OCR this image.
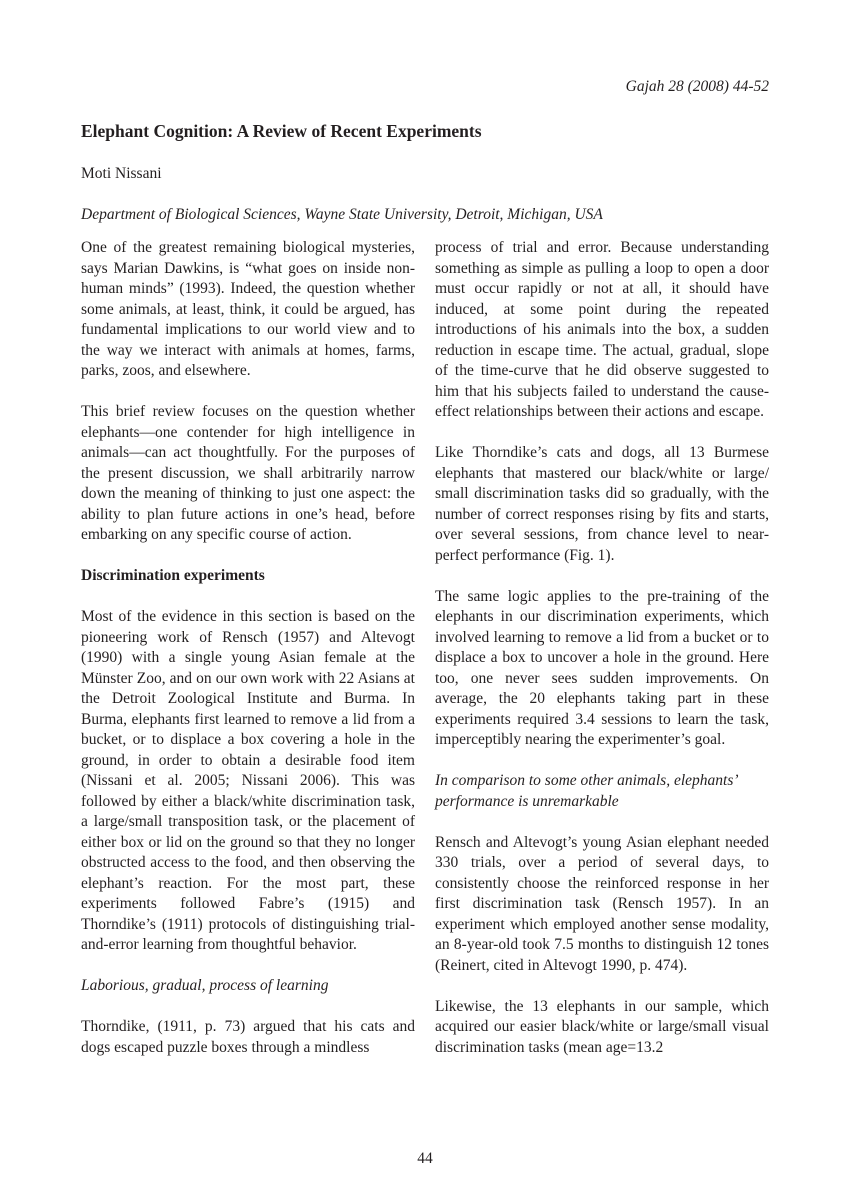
Gajah 28 (2008) 44-52
Elephant Cognition: A Review of Recent Experiments
Moti Nissani
Department of Biological Sciences, Wayne State University, Detroit, Michigan, USA

One of the greatest remaining biological mysteries, says Marian Dawkins, is “what goes on inside non-human minds” (1993). Indeed, the question whether some animals, at least, think, it could be argued, has fundamental implications to our world view and to the way we interact with animals at homes, farms, parks, zoos, and elsewhere.

This brief review focuses on the question whether elephants—one contender for high intelligence in animals—can act thoughtfully. For the purposes of the present discussion, we shall arbitrarily narrow down the meaning of thinking to just one aspect: the ability to plan future actions in one’s head, before embarking on any specific course of action.

Discrimination experiments

Most of the evidence in this section is based on the pioneering work of Rensch (1957) and Altevogt (1990) with a single young Asian female at the Münster Zoo, and on our own work with 22 Asians at the Detroit Zoological Institute and Burma. In Burma, elephants first learned to remove a lid from a bucket, or to displace a box covering a hole in the ground, in order to obtain a desirable food item (Nissani et al. 2005; Nissani 2006). This was followed by either a black/white discrimination task, a large/small transposition task, or the placement of either box or lid on the ground so that they no longer obstructed access to the food, and then observing the elephant’s reaction. For the most part, these experiments followed Fabre’s (1915) and Thorndike’s (1911) protocols of distinguishing trial-and-error learning from thoughtful behavior.

Laborious, gradual, process of learning

Thorndike, (1911, p. 73) argued that his cats and dogs escaped puzzle boxes through a mindless

process of trial and error. Because understanding something as simple as pulling a loop to open a door must occur rapidly or not at all, it should have induced, at some point during the repeated introductions of his animals into the box, a sudden reduction in escape time. The actual, gradual, slope of the time-curve that he did observe suggested to him that his subjects failed to understand the cause-effect relationships between their actions and escape.

Like Thorndike’s cats and dogs, all 13 Burmese elephants that mastered our black/white or large/ small discrimination tasks did so gradually, with the number of correct responses rising by fits and starts, over several sessions, from chance level to near-perfect performance (Fig. 1).

The same logic applies to the pre-training of the elephants in our discrimination experiments, which involved learning to remove a lid from a bucket or to displace a box to uncover a hole in the ground. Here too, one never sees sudden improvements. On average, the 20 elephants taking part in these experiments required 3.4 sessions to learn the task, imperceptibly nearing the experimenter’s goal.

In comparison to some other animals, elephants’ performance is unremarkable

Rensch and Altevogt’s young Asian elephant needed 330 trials, over a period of several days, to consistently choose the reinforced response in her first discrimination task (Rensch 1957). In an experiment which employed another sense modality, an 8-year-old took 7.5 months to distinguish 12 tones (Reinert, cited in Altevogt 1990, p. 474).

Likewise, the 13 elephants in our sample, which acquired our easier black/white or large/small visual discrimination tasks (mean age=13.2

44
